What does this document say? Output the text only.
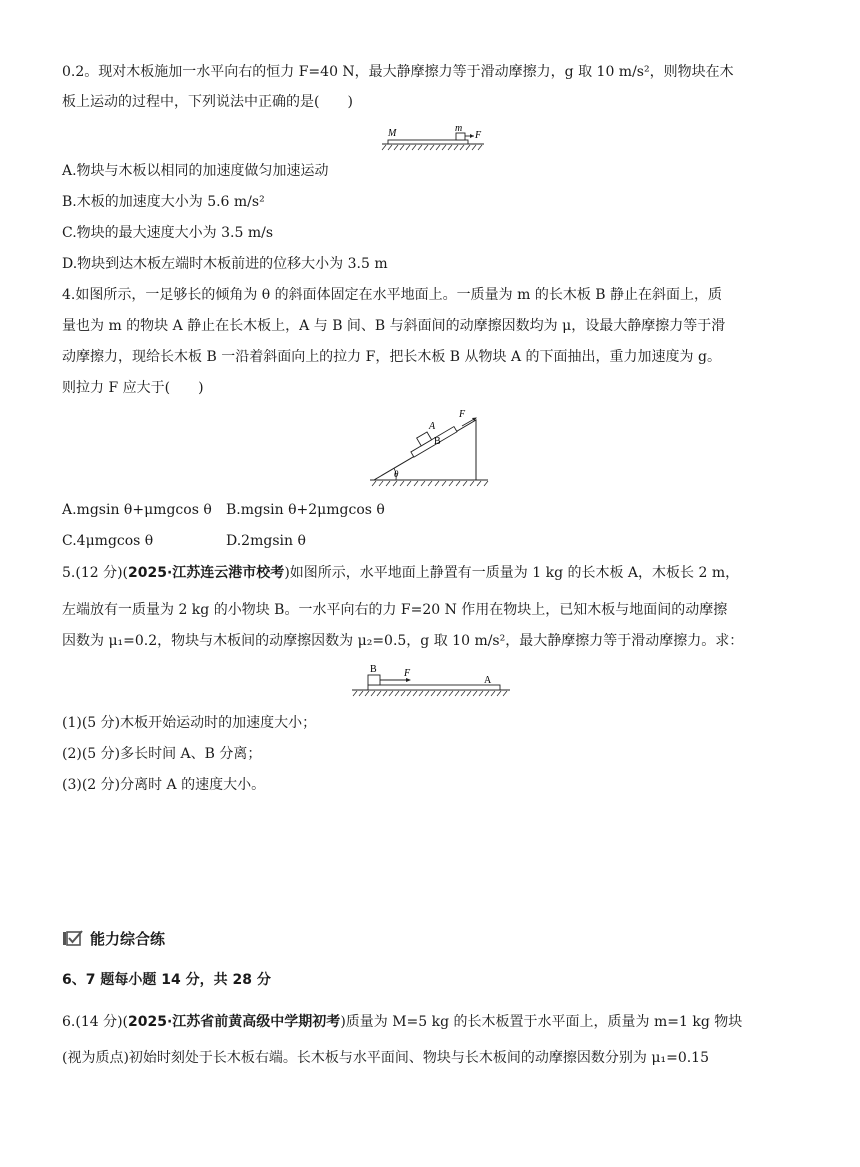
0.2。现对木板施加一水平向右的恒力 F=40 N，最大静摩擦力等于滑动摩擦力，g 取 10 m/s²，则物块在木
板上运动的过程中，下列说法中正确的是(　　)
M	m
F
A.物块与木板以相同的加速度做匀加速运动
B.木板的加速度大小为 5.6 m/s²
C.物块的最大速度大小为 3.5 m/s
D.物块到达木板左端时木板前进的位移大小为 3.5 m
4.如图所示，一足够长的倾角为 θ 的斜面体固定在水平地面上。一质量为 m 的长木板 B 静止在斜面上，质
量也为 m 的物块 A 静止在长木板上，A 与 B 间、B 与斜面间的动摩擦因数均为 μ，设最大静摩擦力等于滑
动摩擦力，现给长木板 B 一沿着斜面向上的拉力 F，把长木板 B 从物块 A 的下面抽出，重力加速度为 g。
则拉力 F 应大于(　　)
θ
B
A
F
A.mgsin θ+μmgcos θ B.mgsin θ+2μmgcos θ
C.4μmgcos θ	D.2mgsin θ
5.(12 分)(2025·江苏连云港市校考)如图所示，水平地面上静置有一质量为 1 kg 的长木板 A，木板长 2 m，
左端放有一质量为 2 kg 的小物块 B。一水平向右的力 F=20 N 作用在物块上，已知木板与地面间的动摩擦
因数为 μ₁=0.2，物块与木板间的动摩擦因数为 μ₂=0.5，g 取 10 m/s²，最大静摩擦力等于滑动摩擦力。求：
B	F
A
(1)(5 分)木板开始运动时的加速度大小；
(2)(5 分)多长时间 A、B 分离；
(3)(2 分)分离时 A 的速度大小。
能力综合练
6、7 题每小题 14 分，共 28 分
6.(14 分)(2025·江苏省前黄高级中学期初考)质量为 M=5 kg 的长木板置于水平面上，质量为 m=1 kg 物块
(视为质点)初始时刻处于长木板右端。长木板与水平面间、物块与长木板间的动摩擦因数分别为 μ₁=0.15
